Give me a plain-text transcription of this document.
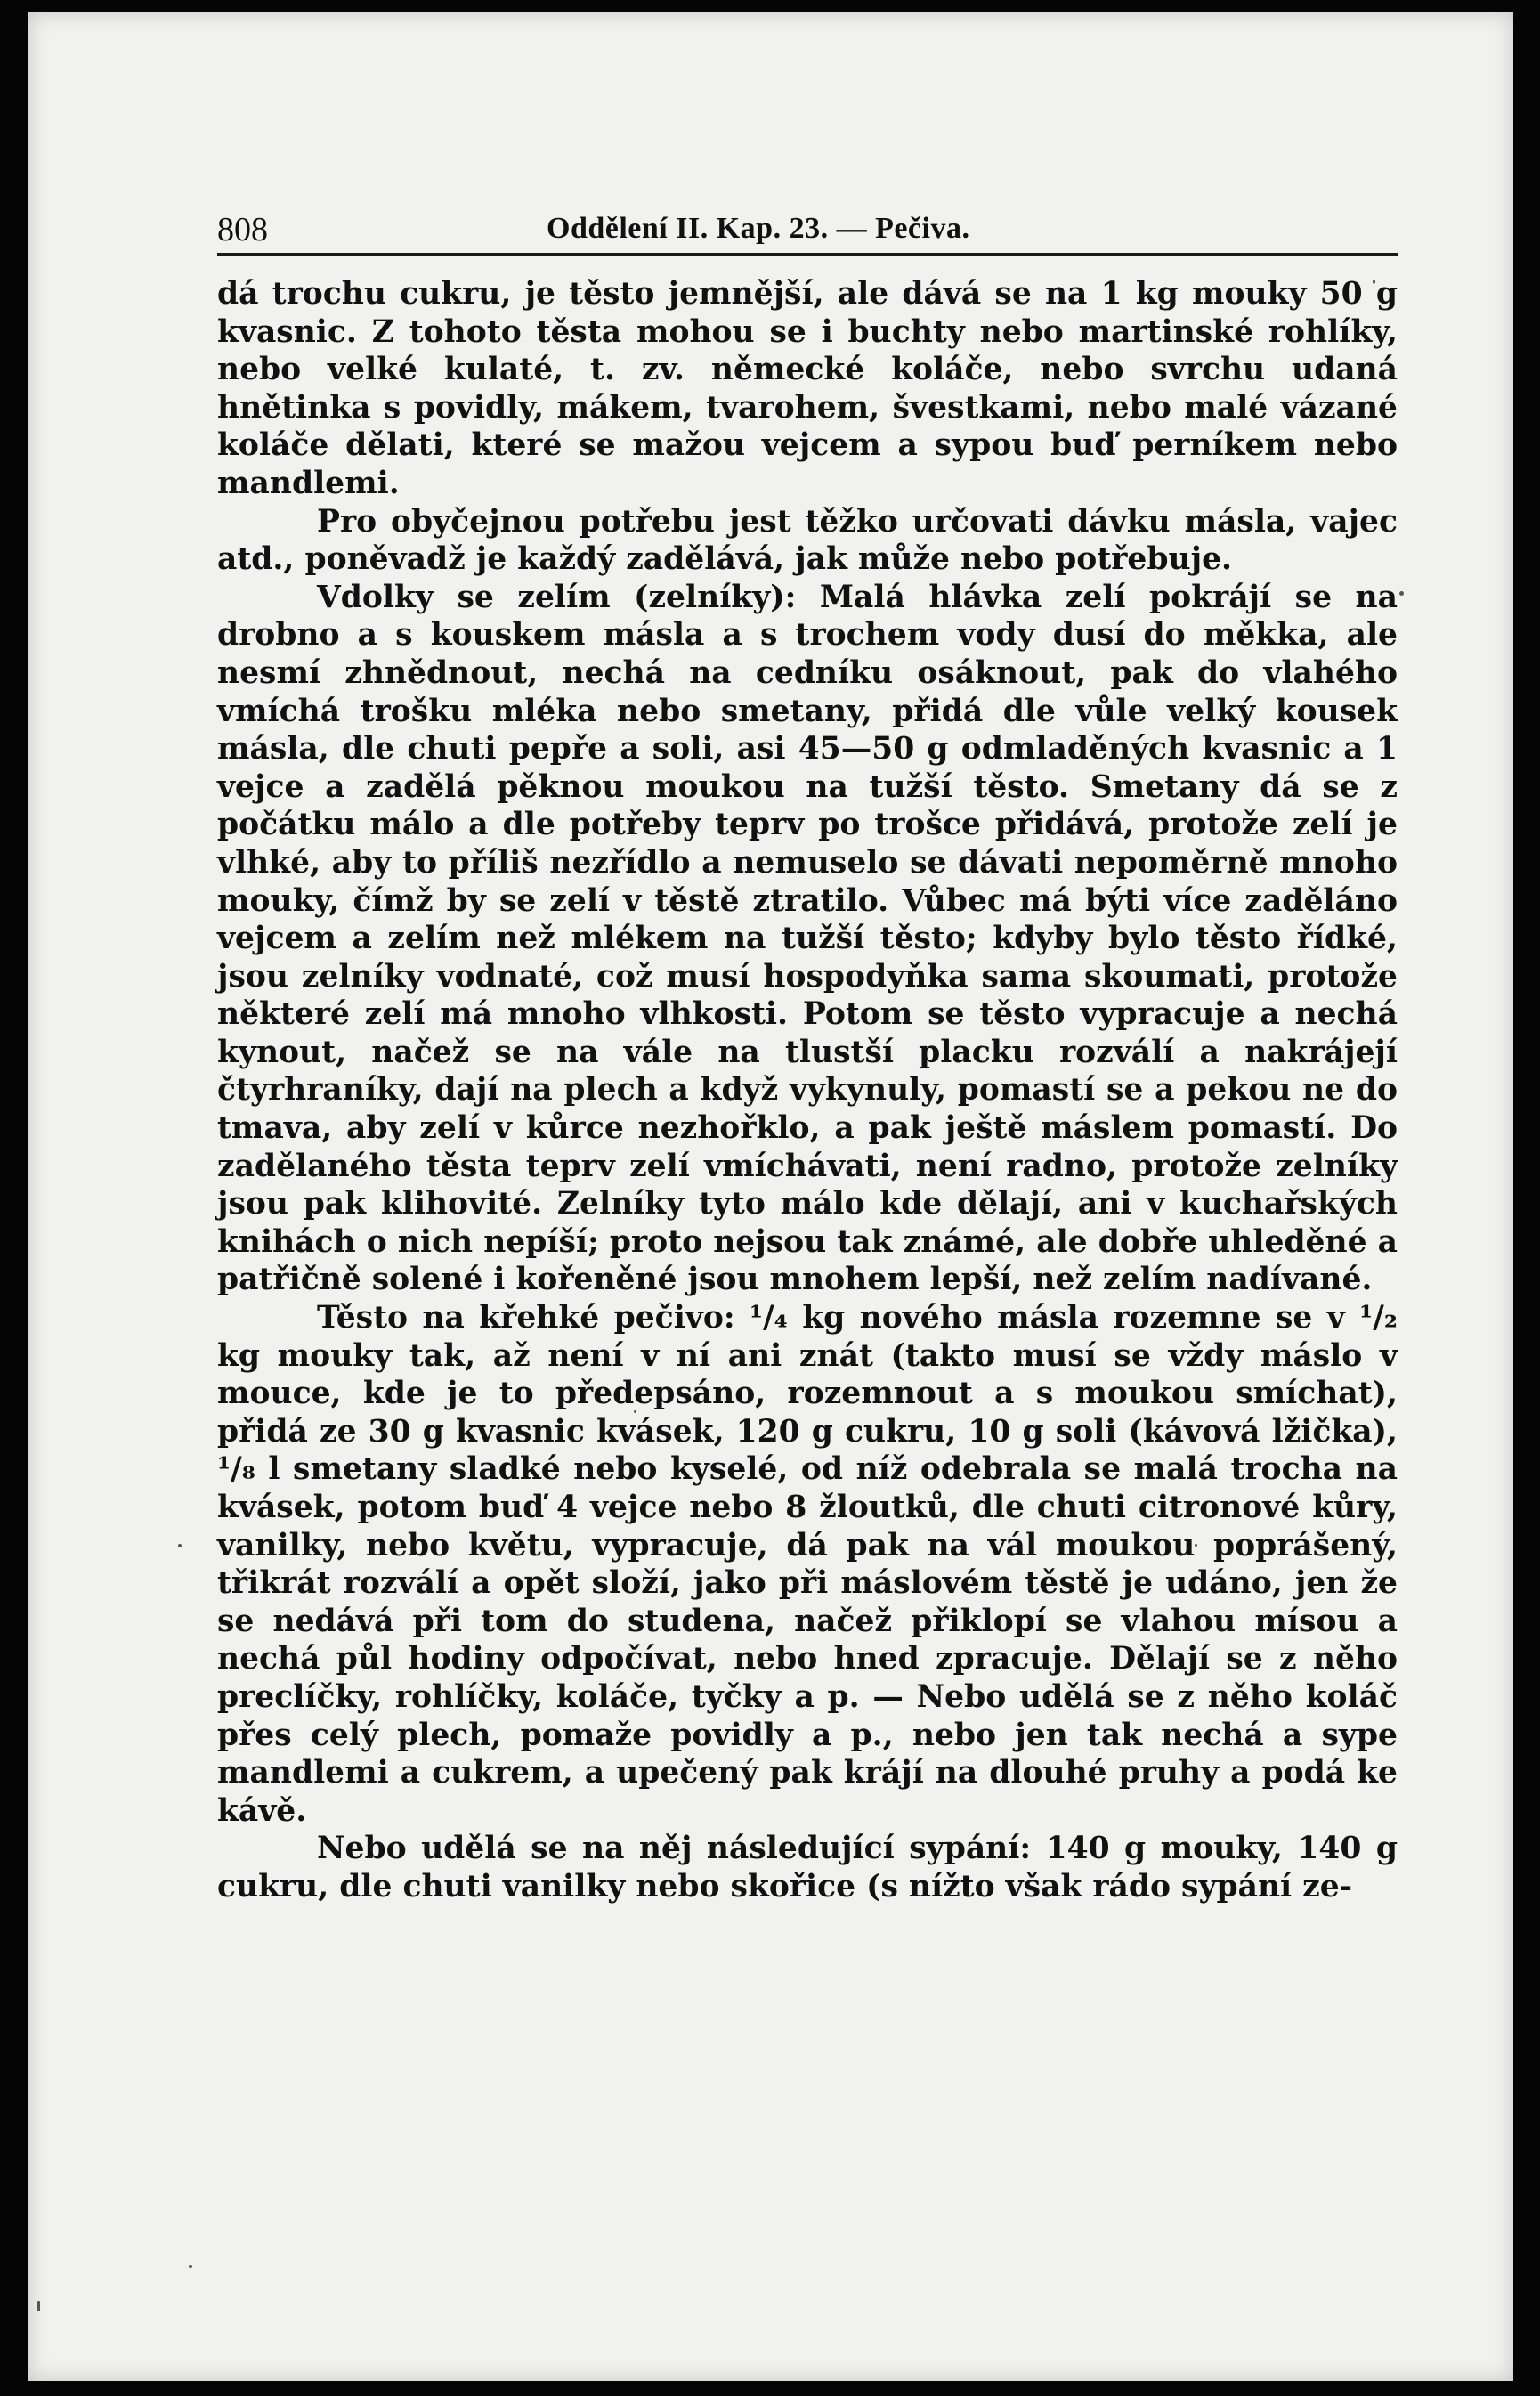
808	Oddělení II. Kap. 23. — Pečiva.

dá trochu cukru, je těsto jemnější, ale dává se na 1 kg mouky 50 g kvasnic. Z tohoto těsta mohou se i buchty nebo martinské rohlíky, nebo velké kulaté, t. zv. německé koláče, nebo svrchu udaná hnětinka s povidly, mákem, tvarohem, švestkami, nebo malé vázané koláče dělati, které se mažou vejcem a sypou buď perníkem nebo mandlemi.

Pro obyčejnou potřebu jest těžko určovati dávku másla, vajec atd., poněvadž je každý zadělává, jak může nebo potřebuje.

Vdolky se zelím (zelníky): Malá hlávka zelí pokrájí se na drobno a s kouskem másla a s trochem vody dusí do měkka, ale nesmí zhnědnout, nechá na cedníku osáknout, pak do vlahého vmíchá trošku mléka nebo smetany, přidá dle vůle velký kousek másla, dle chuti pepře a soli, asi 45—50 g odmladěných kvasnic a 1 vejce a zadělá pěknou moukou na tužší těsto. Smetany dá se z počátku málo a dle potřeby teprv po trošce přidává, protože zelí je vlhké, aby to příliš nezřídlo a nemuselo se dávati nepoměrně mnoho mouky, čímž by se zelí v těstě ztratilo. Vůbec má býti více zaděláno vejcem a zelím než mlékem na tužší těsto; kdyby bylo těsto řídké, jsou zelníky vodnaté, což musí hospodyňka sama skoumati, protože některé zelí má mnoho vlhkosti. Potom se těsto vypracuje a nechá kynout, načež se na vále na tlustší placku rozválí a nakrájejí čtyrhraníky, dají na plech a když vykynuly, pomastí se a pekou ne do tmava, aby zelí v kůrce nezhořklo, a pak ještě máslem pomastí. Do zadělaného těsta teprv zelí vmíchávati, není radno, protože zelníky jsou pak klihovité. Zelníky tyto málo kde dělají, ani v kuchařských knihách o nich nepíší; proto nejsou tak známé, ale dobře uhleděné a patřičně solené i kořeněné jsou mnohem lepší, než zelím nadívané.

Těsto na křehké pečivo: ¹/₄ kg nového másla rozemne se v ¹/₂ kg mouky tak, až není v ní ani znát (takto musí se vždy máslo v mouce, kde je to předepsáno, rozemnout a s moukou smíchat), přidá ze 30 g kvasnic kvásek, 120 g cukru, 10 g soli (kávová lžička), ¹/₈ l smetany sladké nebo kyselé, od níž odebrala se malá trocha na kvásek, potom buď 4 vejce nebo 8 žloutků, dle chuti citronové kůry, vanilky, nebo květu, vypracuje, dá pak na vál moukou poprášený, třikrát rozválí a opět složí, jako při máslovém těstě je udáno, jen že se nedává při tom do studena, načež přiklopí se vlahou mísou a nechá půl hodiny odpočívat, nebo hned zpracuje. Dělají se z něho preclíčky, rohlíčky, koláče, tyčky a p. — Nebo udělá se z něho koláč přes celý plech, pomaže povidly a p., nebo jen tak nechá a sype mandlemi a cukrem, a upečený pak krájí na dlouhé pruhy a podá ke kávě.

Nebo udělá se na něj následující sypání: 140 g mouky, 140 g cukru, dle chuti vanilky nebo skořice (s nížto však rádo sypání ze-
